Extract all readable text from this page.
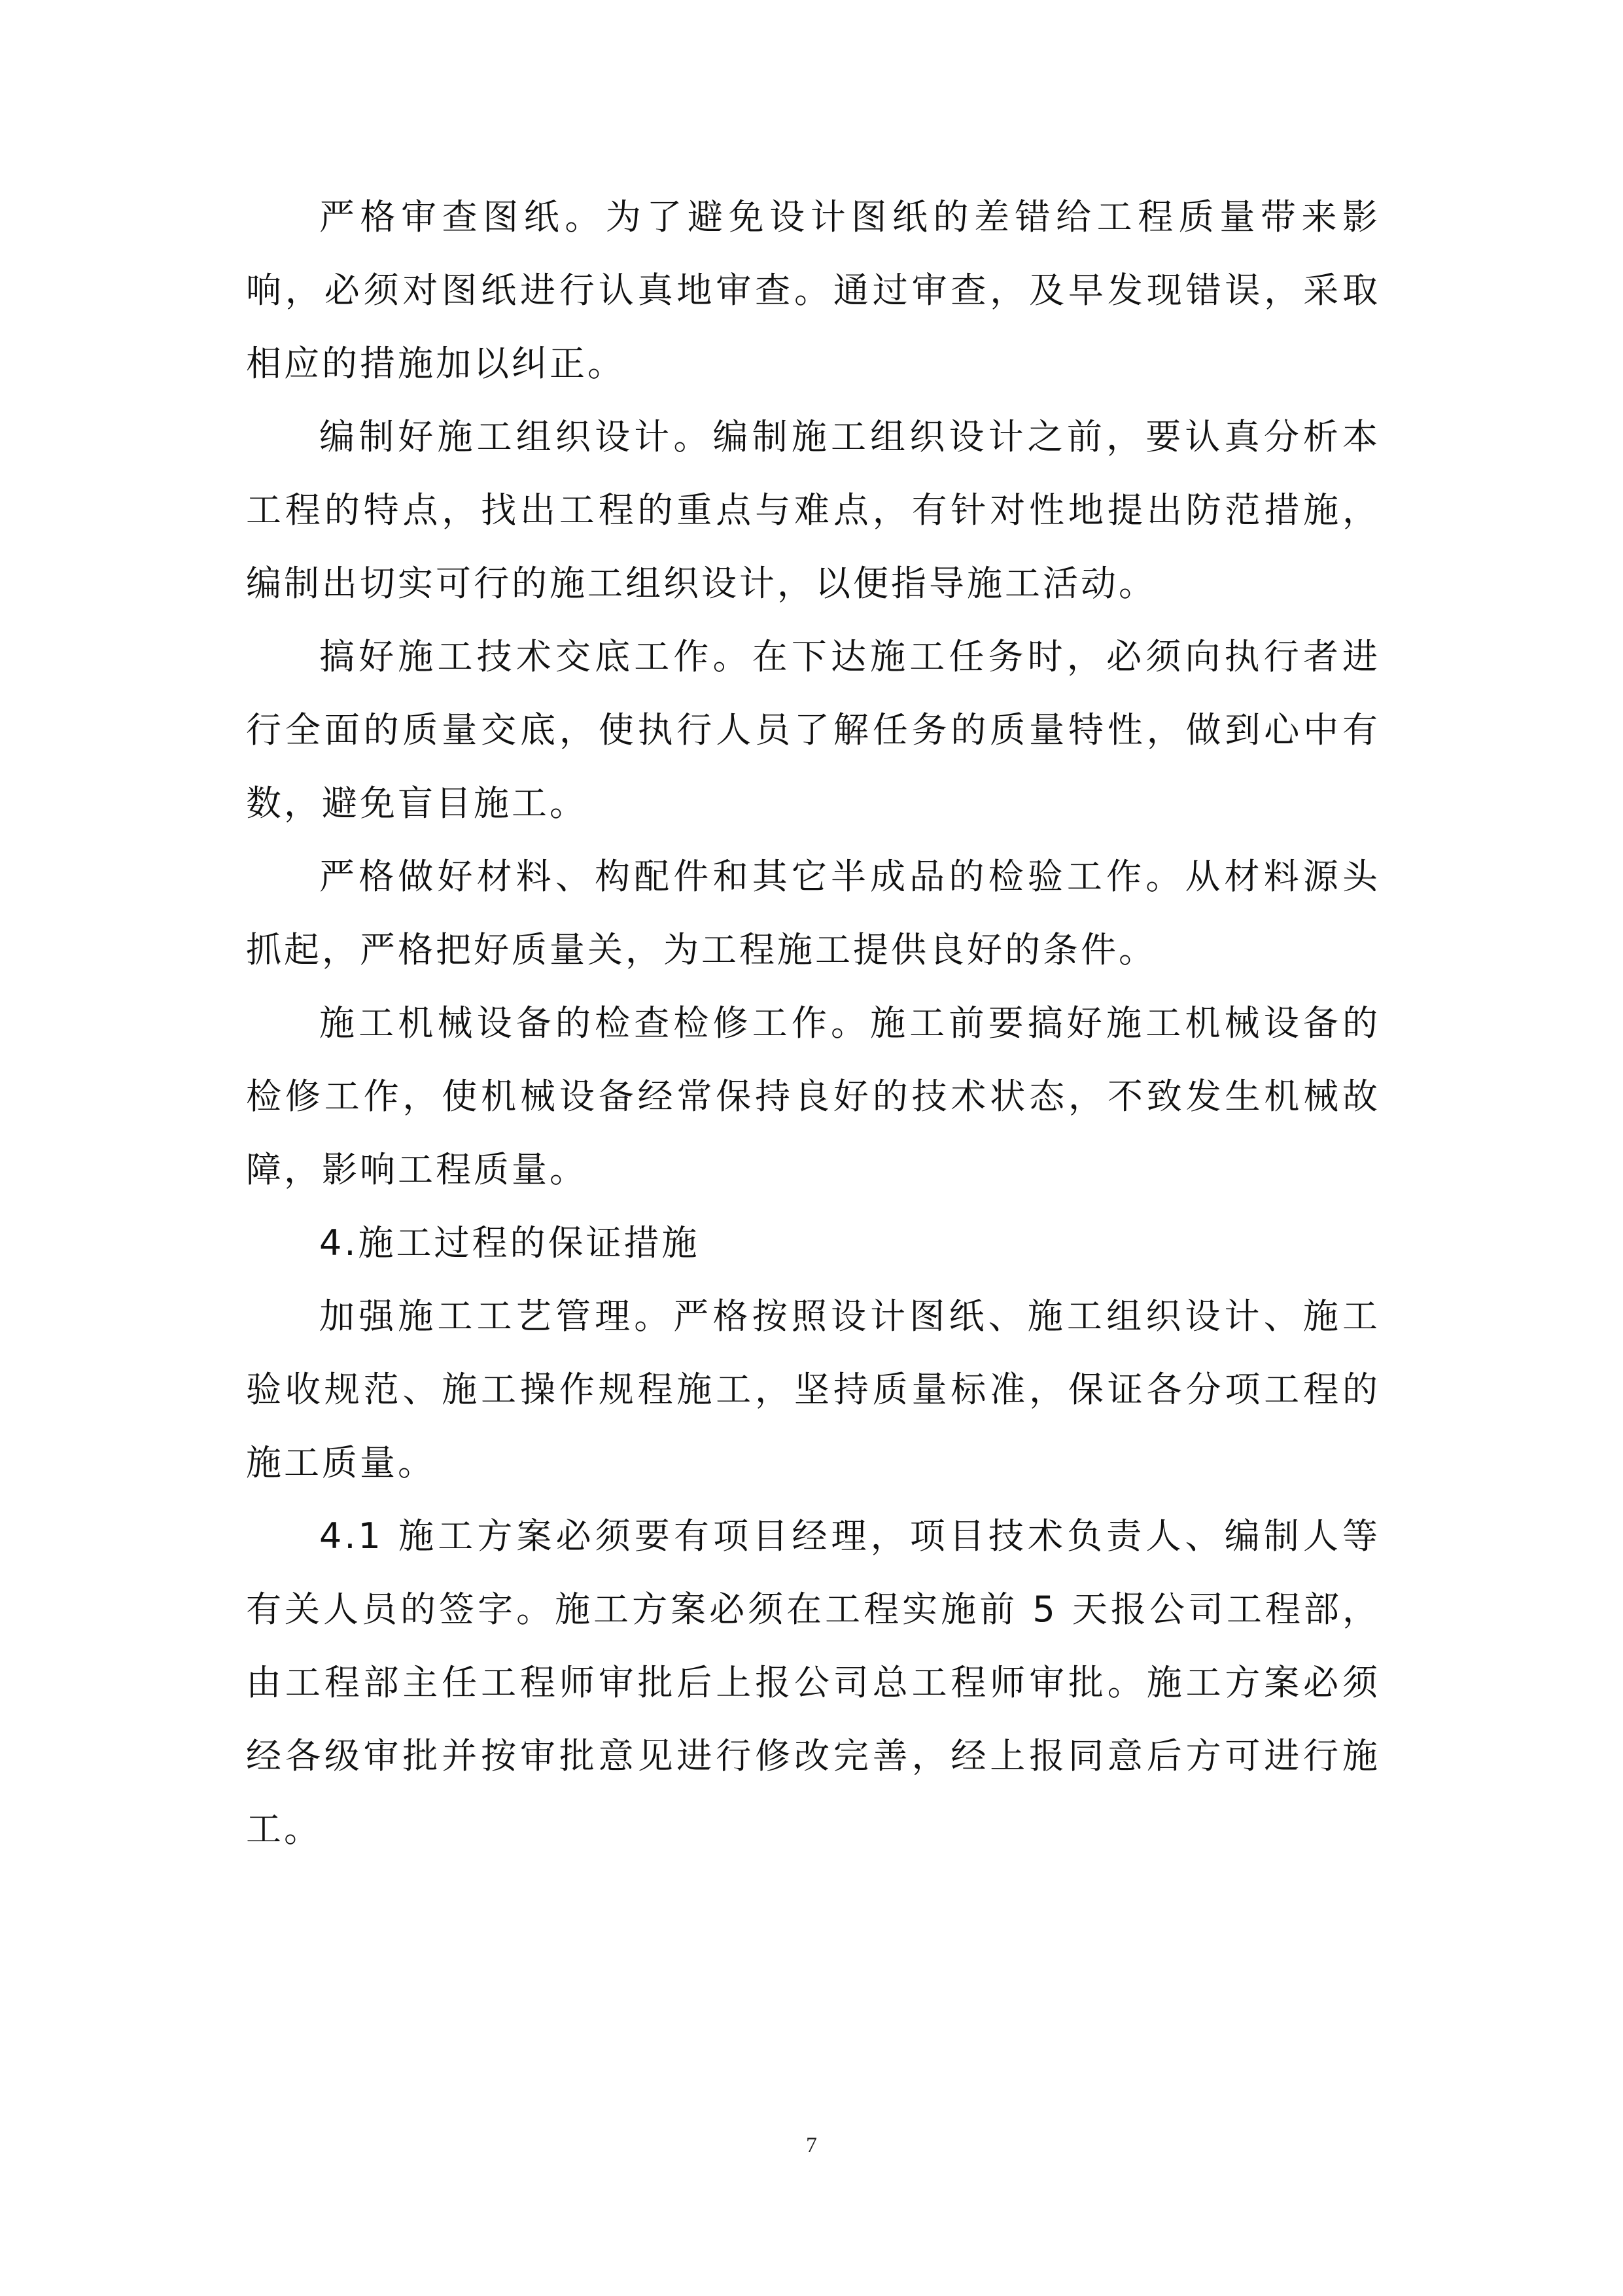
严格审查图纸。为了避免设计图纸的差错给工程质量带来影响，必须对图纸进行认真地审查。通过审查，及早发现错误，采取相应的措施加以纠正。

编制好施工组织设计。编制施工组织设计之前，要认真分析本工程的特点，找出工程的重点与难点，有针对性地提出防范措施，编制出切实可行的施工组织设计，以便指导施工活动。

搞好施工技术交底工作。在下达施工任务时，必须向执行者进行全面的质量交底，使执行人员了解任务的质量特性，做到心中有数，避免盲目施工。

严格做好材料、构配件和其它半成品的检验工作。从材料源头抓起，严格把好质量关，为工程施工提供良好的条件。

施工机械设备的检查检修工作。施工前要搞好施工机械设备的检修工作，使机械设备经常保持良好的技术状态，不致发生机械故障，影响工程质量。

4.施工过程的保证措施

加强施工工艺管理。严格按照设计图纸、施工组织设计、施工验收规范、施工操作规程施工，坚持质量标准，保证各分项工程的施工质量。

4.1 施工方案必须要有项目经理，项目技术负责人、编制人等有关人员的签字。施工方案必须在工程实施前 5 天报公司工程部，由工程部主任工程师审批后上报公司总工程师审批。施工方案必须经各级审批并按审批意见进行修改完善，经上报同意后方可进行施工。

7
